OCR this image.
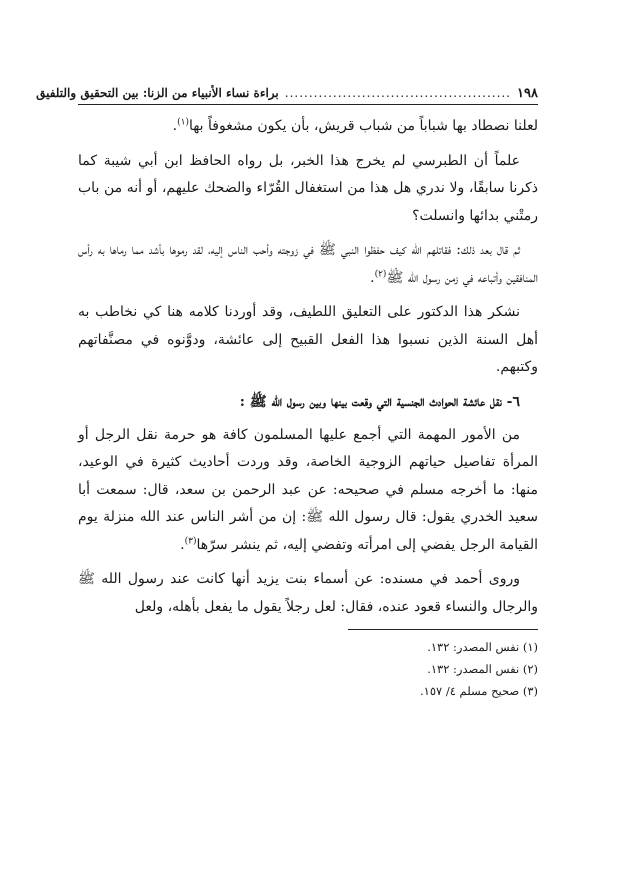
١٩٨
...............................................
براءة نساء الأنبياء من الزنا: بين التحقيق والتلفيق

لعلنا نصطاد بها شباباً من شباب قريش، بأن يكون مشغوفاً بها$^{(١)}$.

علماً أن الطبرسي لم يخرج هذا الخبر، بل رواه الحافظ ابن أبي شيبة كما ذكرنا سابقًا، ولا ندري هل هذا من استغفال القُرّاء والضحك عليهم، أو أنه من باب رمتْني بدائها وانسلت؟

ثم قال بعد ذلك: فقاتلهم الله كيف حفظوا النبي ﷺ في زوجته وأحب الناس إليه، لقد رموها بأشد مما رماها به رأس المنافقين وأتباعه في زمن رسول الله ﷺ$^{(٢)}$.

نشكر هذا الدكتور على التعليق اللطيف، وقد أوردنا كلامه هنا كي نخاطب به أهل السنة الذين نسبوا هذا الفعل القبيح إلى عائشة، ودوَّنوه في مصنَّفاتهم وكتبهم.

٦- نقل عائشة الحوادث الجنسية التي وقعت بينها وبين رسول الله ﷺ :

من الأمور المهمة التي أجمع عليها المسلمون كافة هو حرمة نقل الرجل أو المرأة تفاصيل حياتهم الزوجية الخاصة، وقد وردت أحاديث كثيرة في الوعيد، منها: ما أخرجه مسلم في صحيحه: عن عبد الرحمن بن سعد، قال: سمعت أبا سعيد الخدري يقول: قال رسول الله ﷺ: إن من أشر الناس عند الله منزلة يوم القيامة الرجل يفضي إلى امرأته وتفضي إليه، ثم ينشر سرّها$^{(٣)}$.

وروى أحمد في مسنده: عن أسماء بنت يزيد أنها كانت عند رسول الله ﷺ والرجال والنساء قعود عنده، فقال: لعل رجلاً يقول ما يفعل بأهله، ولعل

(١) نفس المصدر: ١٣٢.
(٢) نفس المصدر: ١٣٢.
(٣) صحيح مسلم ٤/ ١٥٧.
